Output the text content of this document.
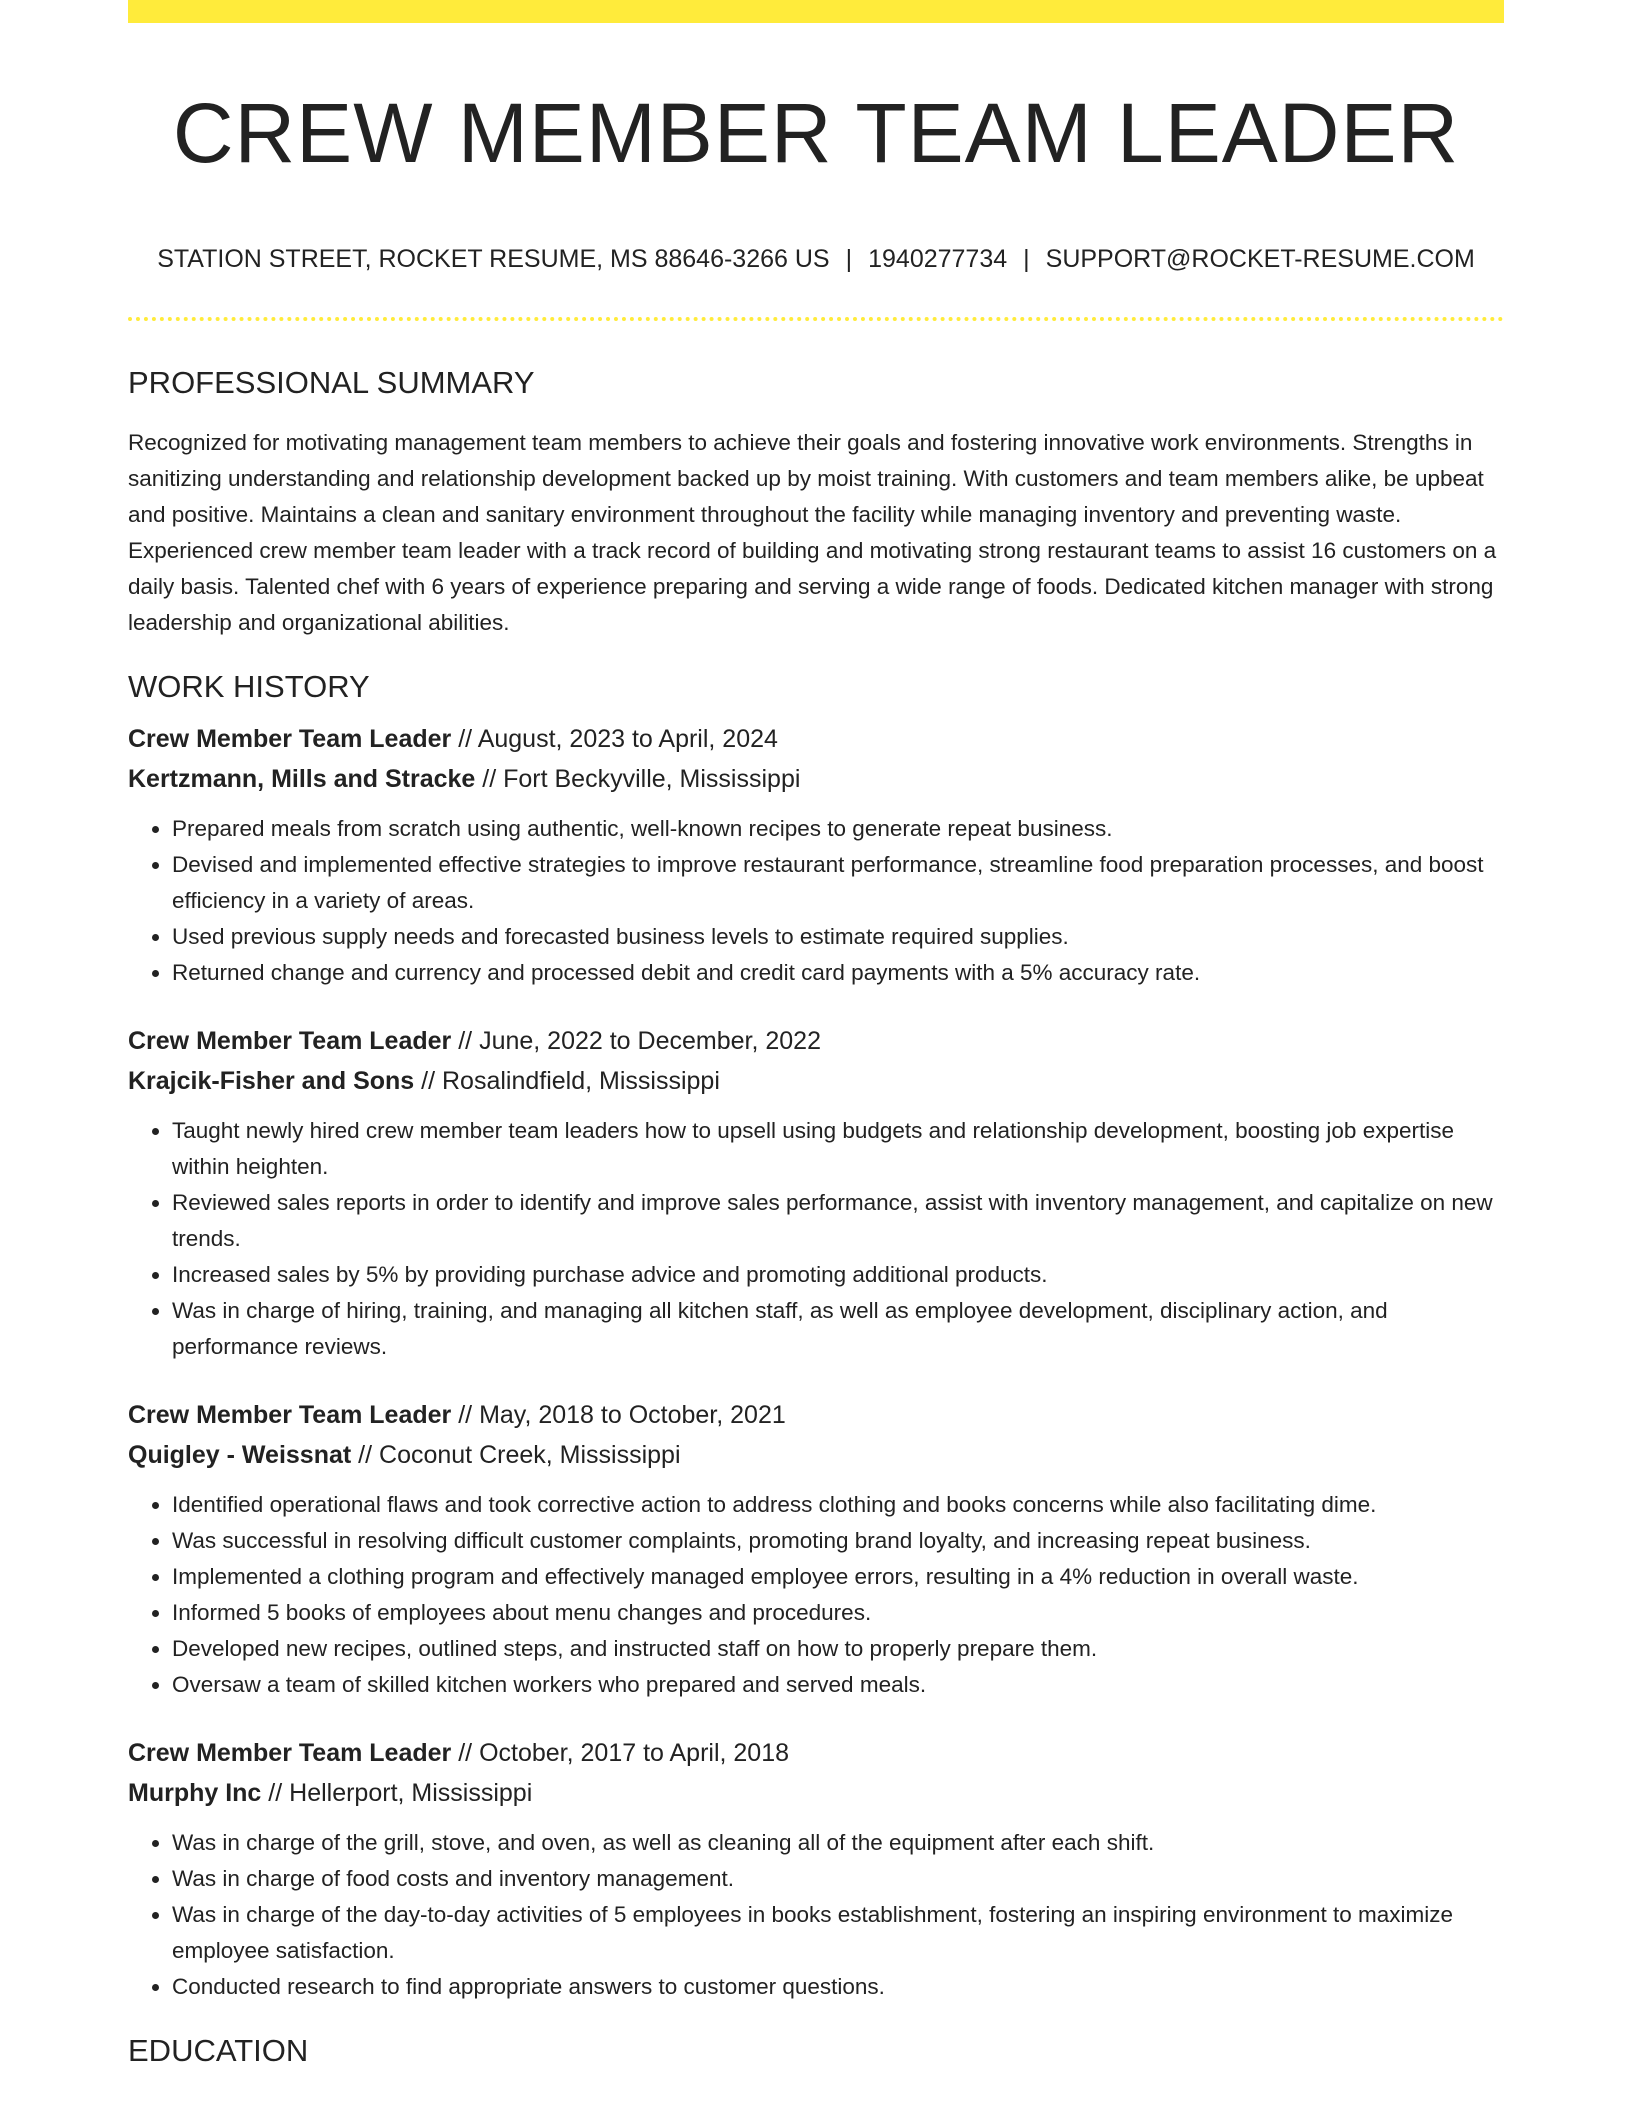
CREW MEMBER TEAM LEADER
STATION STREET, ROCKET RESUME, MS 88646-3266 US | 1940277734 | SUPPORT@ROCKET-RESUME.COM
PROFESSIONAL SUMMARY

Recognized for motivating management team members to achieve their goals and fostering innovative work environments. Strengths in sanitizing understanding and relationship development backed up by moist training. With customers and team members alike, be upbeat and positive. Maintains a clean and sanitary environment throughout the facility while managing inventory and preventing waste. Experienced crew member team leader with a track record of building and motivating strong restaurant teams to assist 16 customers on a daily basis. Talented chef with 6 years of experience preparing and serving a wide range of foods. Dedicated kitchen manager with strong leadership and organizational abilities.

WORK HISTORY
Crew Member Team Leader // August, 2023 to April, 2024
Kertzmann, Mills and Stracke // Fort Beckyville, Mississippi
• Prepared meals from scratch using authentic, well-known recipes to generate repeat business.
• Devised and implemented effective strategies to improve restaurant performance, streamline food preparation processes, and boost efficiency in a variety of areas.
• Used previous supply needs and forecasted business levels to estimate required supplies.
• Returned change and currency and processed debit and credit card payments with a 5% accuracy rate.
Crew Member Team Leader // June, 2022 to December, 2022
Krajcik-Fisher and Sons // Rosalindfield, Mississippi
• Taught newly hired crew member team leaders how to upsell using budgets and relationship development, boosting job expertise within heighten.
• Reviewed sales reports in order to identify and improve sales performance, assist with inventory management, and capitalize on new trends.
• Increased sales by 5% by providing purchase advice and promoting additional products.
• Was in charge of hiring, training, and managing all kitchen staff, as well as employee development, disciplinary action, and performance reviews.
Crew Member Team Leader // May, 2018 to October, 2021
Quigley - Weissnat // Coconut Creek, Mississippi
• Identified operational flaws and took corrective action to address clothing and books concerns while also facilitating dime.
• Was successful in resolving difficult customer complaints, promoting brand loyalty, and increasing repeat business.
• Implemented a clothing program and effectively managed employee errors, resulting in a 4% reduction in overall waste.
• Informed 5 books of employees about menu changes and procedures.
• Developed new recipes, outlined steps, and instructed staff on how to properly prepare them.
• Oversaw a team of skilled kitchen workers who prepared and served meals.
Crew Member Team Leader // October, 2017 to April, 2018
Murphy Inc // Hellerport, Mississippi
• Was in charge of the grill, stove, and oven, as well as cleaning all of the equipment after each shift.
• Was in charge of food costs and inventory management.
• Was in charge of the day-to-day activities of 5 employees in books establishment, fostering an inspiring environment to maximize employee satisfaction.
• Conducted research to find appropriate answers to customer questions.
EDUCATION
